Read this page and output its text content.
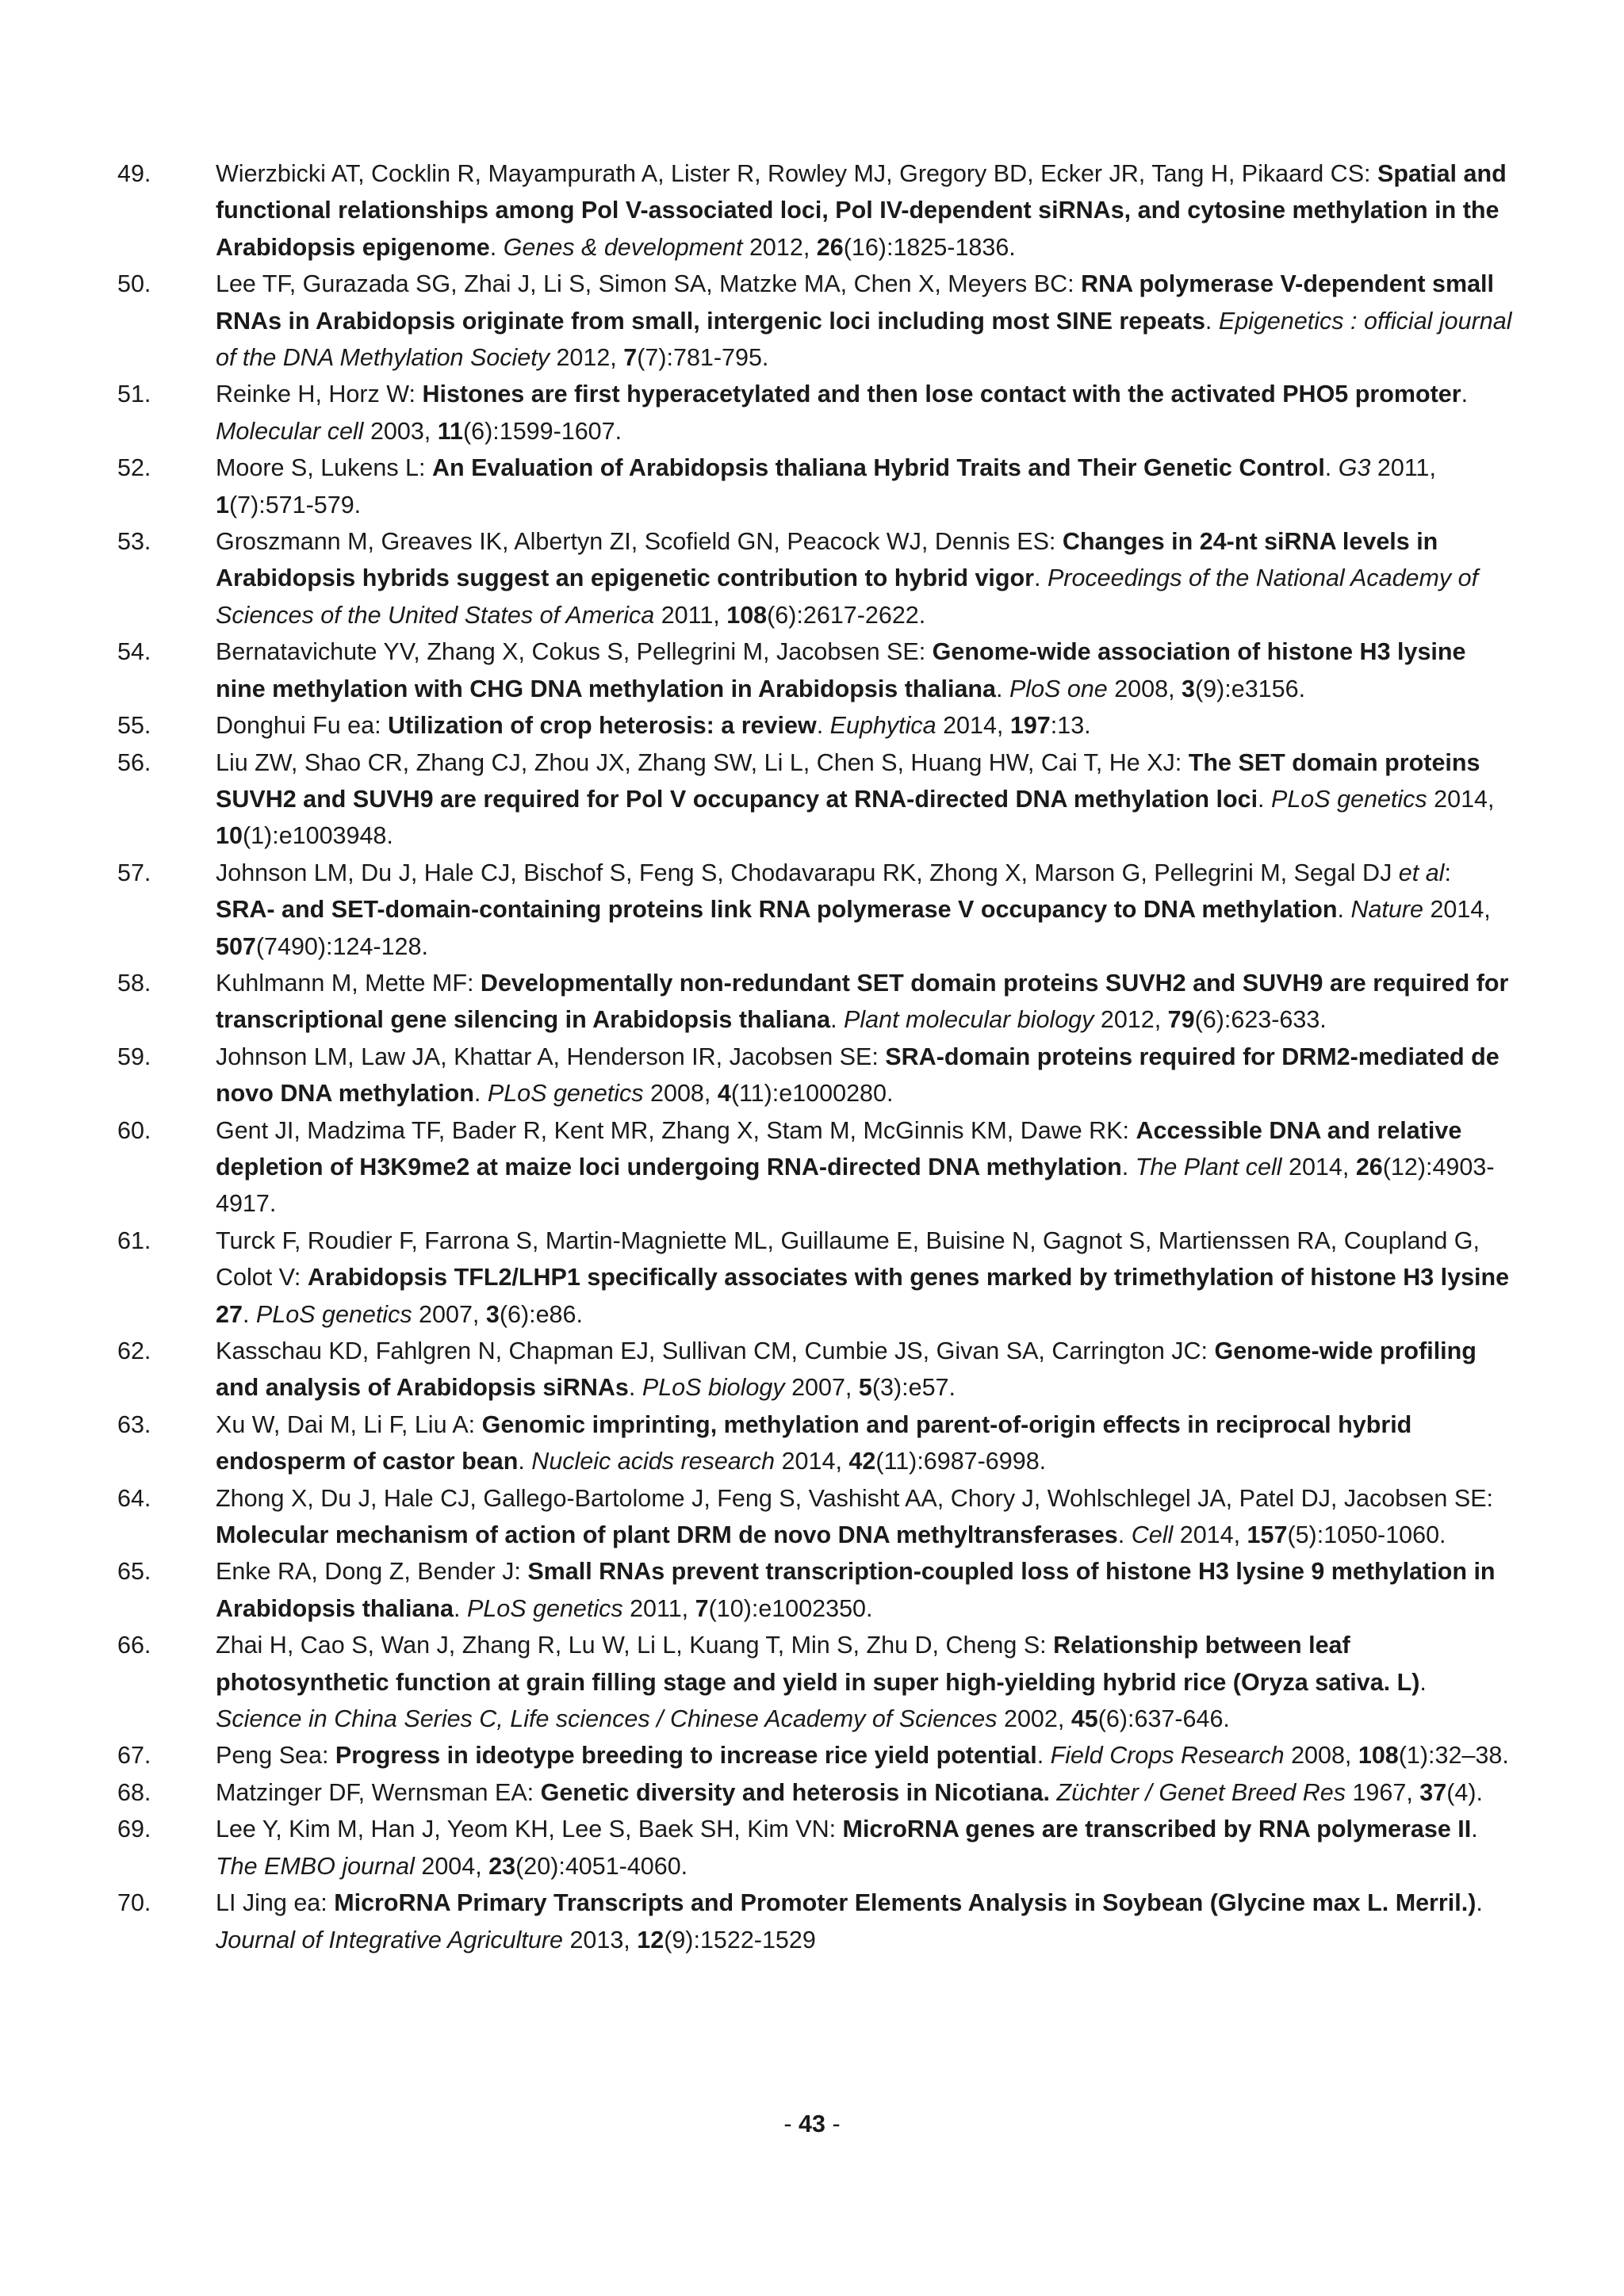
49.	Wierzbicki AT, Cocklin R, Mayampurath A, Lister R, Rowley MJ, Gregory BD, Ecker JR, Tang H, Pikaard CS: Spatial and functional relationships among Pol V-associated loci, Pol IV-dependent siRNAs, and cytosine methylation in the Arabidopsis epigenome. Genes & development 2012, 26(16):1825-1836.
50.	Lee TF, Gurazada SG, Zhai J, Li S, Simon SA, Matzke MA, Chen X, Meyers BC: RNA polymerase V-dependent small RNAs in Arabidopsis originate from small, intergenic loci including most SINE repeats. Epigenetics : official journal of the DNA Methylation Society 2012, 7(7):781-795.
51.	Reinke H, Horz W: Histones are first hyperacetylated and then lose contact with the activated PHO5 promoter. Molecular cell 2003, 11(6):1599-1607.
52.	Moore S, Lukens L: An Evaluation of Arabidopsis thaliana Hybrid Traits and Their Genetic Control. G3 2011, 1(7):571-579.
53.	Groszmann M, Greaves IK, Albertyn ZI, Scofield GN, Peacock WJ, Dennis ES: Changes in 24-nt siRNA levels in Arabidopsis hybrids suggest an epigenetic contribution to hybrid vigor. Proceedings of the National Academy of Sciences of the United States of America 2011, 108(6):2617-2622.
54.	Bernatavichute YV, Zhang X, Cokus S, Pellegrini M, Jacobsen SE: Genome-wide association of histone H3 lysine nine methylation with CHG DNA methylation in Arabidopsis thaliana. PloS one 2008, 3(9):e3156.
55.	Donghui Fu ea: Utilization of crop heterosis: a review. Euphytica 2014, 197:13.
56.	Liu ZW, Shao CR, Zhang CJ, Zhou JX, Zhang SW, Li L, Chen S, Huang HW, Cai T, He XJ: The SET domain proteins SUVH2 and SUVH9 are required for Pol V occupancy at RNA-directed DNA methylation loci. PLoS genetics 2014, 10(1):e1003948.
57.	Johnson LM, Du J, Hale CJ, Bischof S, Feng S, Chodavarapu RK, Zhong X, Marson G, Pellegrini M, Segal DJ et al: SRA- and SET-domain-containing proteins link RNA polymerase V occupancy to DNA methylation. Nature 2014, 507(7490):124-128.
58.	Kuhlmann M, Mette MF: Developmentally non-redundant SET domain proteins SUVH2 and SUVH9 are required for transcriptional gene silencing in Arabidopsis thaliana. Plant molecular biology 2012, 79(6):623-633.
59.	Johnson LM, Law JA, Khattar A, Henderson IR, Jacobsen SE: SRA-domain proteins required for DRM2-mediated de novo DNA methylation. PLoS genetics 2008, 4(11):e1000280.
60.	Gent JI, Madzima TF, Bader R, Kent MR, Zhang X, Stam M, McGinnis KM, Dawe RK: Accessible DNA and relative depletion of H3K9me2 at maize loci undergoing RNA-directed DNA methylation. The Plant cell 2014, 26(12):4903-4917.
61.	Turck F, Roudier F, Farrona S, Martin-Magniette ML, Guillaume E, Buisine N, Gagnot S, Martienssen RA, Coupland G, Colot V: Arabidopsis TFL2/LHP1 specifically associates with genes marked by trimethylation of histone H3 lysine 27. PLoS genetics 2007, 3(6):e86.
62.	Kasschau KD, Fahlgren N, Chapman EJ, Sullivan CM, Cumbie JS, Givan SA, Carrington JC: Genome-wide profiling and analysis of Arabidopsis siRNAs. PLoS biology 2007, 5(3):e57.
63.	Xu W, Dai M, Li F, Liu A: Genomic imprinting, methylation and parent-of-origin effects in reciprocal hybrid endosperm of castor bean. Nucleic acids research 2014, 42(11):6987-6998.
64.	Zhong X, Du J, Hale CJ, Gallego-Bartolome J, Feng S, Vashisht AA, Chory J, Wohlschlegel JA, Patel DJ, Jacobsen SE: Molecular mechanism of action of plant DRM de novo DNA methyltransferases. Cell 2014, 157(5):1050-1060.
65.	Enke RA, Dong Z, Bender J: Small RNAs prevent transcription-coupled loss of histone H3 lysine 9 methylation in Arabidopsis thaliana. PLoS genetics 2011, 7(10):e1002350.
66.	Zhai H, Cao S, Wan J, Zhang R, Lu W, Li L, Kuang T, Min S, Zhu D, Cheng S: Relationship between leaf photosynthetic function at grain filling stage and yield in super high-yielding hybrid rice (Oryza sativa. L). Science in China Series C, Life sciences / Chinese Academy of Sciences 2002, 45(6):637-646.
67.	Peng Sea: Progress in ideotype breeding to increase rice yield potential. Field Crops Research 2008, 108(1):32–38.
68.	Matzinger DF, Wernsman EA: Genetic diversity and heterosis in Nicotiana. Züchter / Genet Breed Res 1967, 37(4).
69.	Lee Y, Kim M, Han J, Yeom KH, Lee S, Baek SH, Kim VN: MicroRNA genes are transcribed by RNA polymerase II. The EMBO journal 2004, 23(20):4051-4060.
70.	LI Jing ea: MicroRNA Primary Transcripts and Promoter Elements Analysis in Soybean (Glycine max L. Merril.). Journal of Integrative Agriculture 2013, 12(9):1522-1529
- 43 -
